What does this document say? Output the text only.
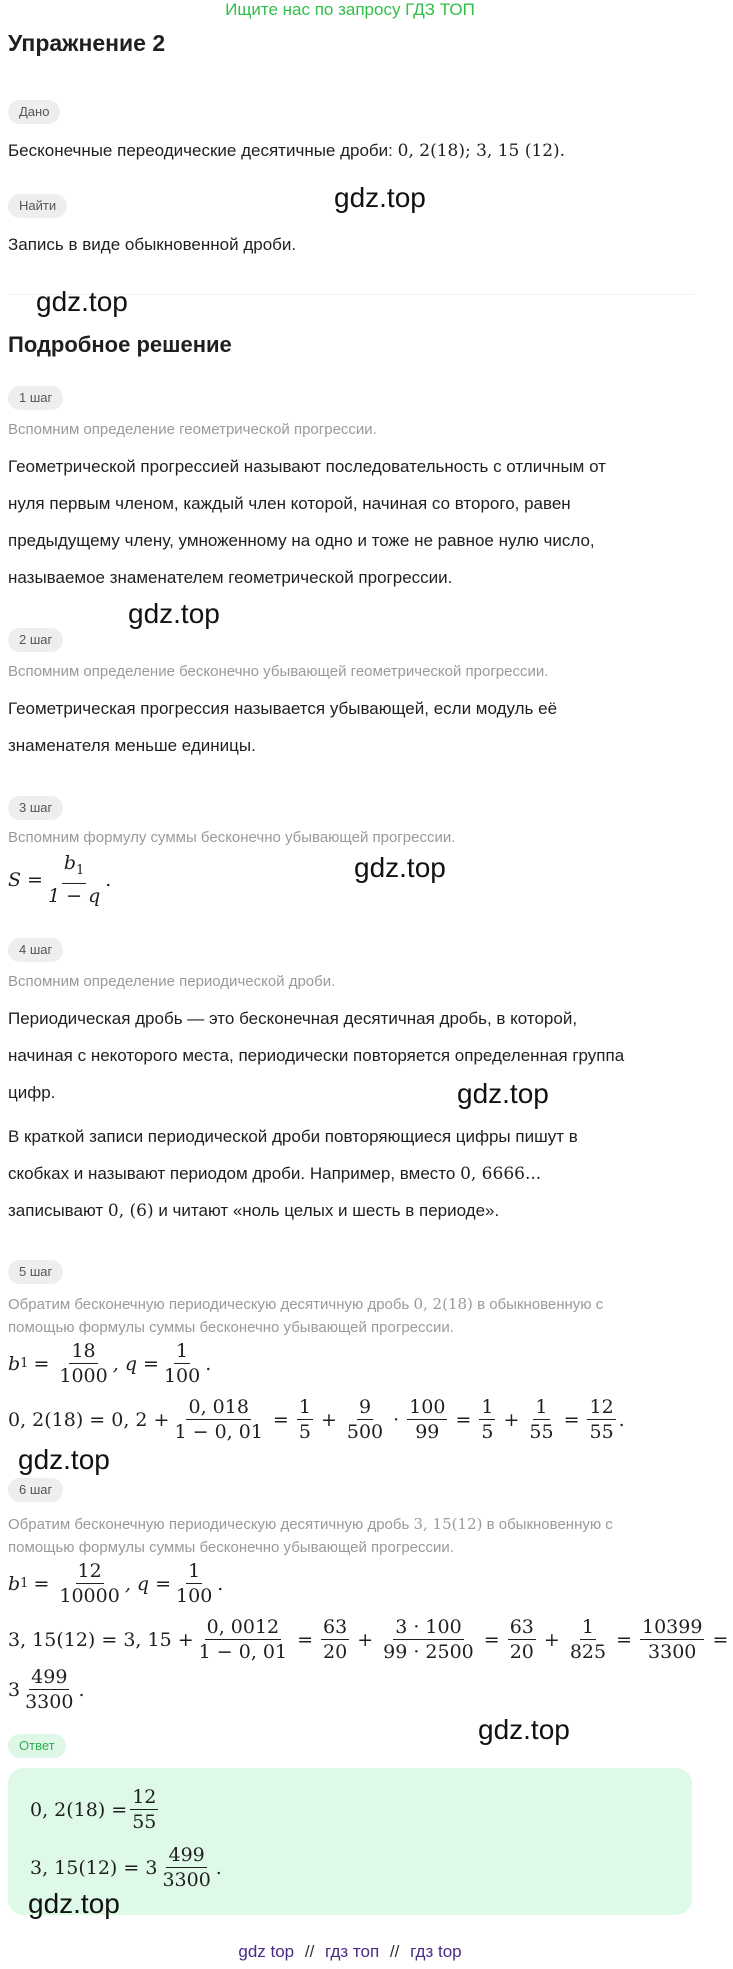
Ищите нас по запросу ГДЗ ТОП
Упражнение 2
Дано
Бесконечные переодические десятичные дроби: 0, 2(18); 3, 15 (12).
Найти
Запись в виде обыкновенной дроби.
Подробное решение
1 шаг
Вспомним определение геометрической прогрессии.
Геометрической прогрессией называют последовательность с отличным от
нуля первым членом, каждый член которой, начиная со второго, равен
предыдущему члену, умноженному на одно и тоже не равное нулю число,
называемое знаменателем геометрической прогрессии.
2 шаг
Вспомним определение бесконечно убывающей геометрической прогрессии.
Геометрическая прогрессия называется убывающей, если модуль её
знаменателя меньше единицы.
3 шаг
Вспомним формулу суммы бесконечно убывающей прогрессии.
$S = \frac{b_1}{1 - q}$ .
4 шаг
Вспомним определение периодической дроби.
Периодическая дробь — это бесконечная десятичная дробь, в которой,
начиная с некоторого места, периодически повторяется определенная группа
цифр.
В краткой записи периодической дроби повторяющиеся цифры пишут в
скобках и называют периодом дроби. Например, вместо 0, 6666...
записывают 0, (6) и читают «ноль целых и шесть в периоде».
5 шаг
Обратим бесконечную периодическую десятичную дробь 0, 2(18) в обыкновенную с
помощью формулы суммы бесконечно убывающей прогрессии.
b $1 = \frac{18}{1000}$ , $q = \frac{1}{100}$ .
0, 2(18) = 0, $2 + \frac{0, 018}{1 - 0, 01} = \frac{1}{5} + \frac{9}{500} \cdot \frac{100}{99} = \frac{1}{5} + \frac{1}{55} = \frac{12}{55}$ .
6 шаг
Обратим бесконечную периодическую десятичную дробь 3, 15(12) в обыкновенную с
помощью формулы суммы бесконечно убывающей прогрессии.
b $1 = \frac{12}{10000}$ , $q = \frac{1}{100}$ .
3, 15(12) = 3, $15 + \frac{0, 0012}{1 - 0, 01} = \frac{63}{20} + \frac{3 \cdot 100}{99 \cdot 2500} = \frac{63}{20} + \frac{1}{825} = \frac{10399}{3300}$ =
$3 \frac{499}{3300}$ .
Ответ
0, $2(18) = \frac{12}{55}$
3, $15(12) = 3 \frac{499}{3300}$ .
gdz.top
gdz.top
gdz.top
gdz.top
gdz.top
gdz.top
gdz.top
gdz.top
gdz top // гдз топ // гдз top
